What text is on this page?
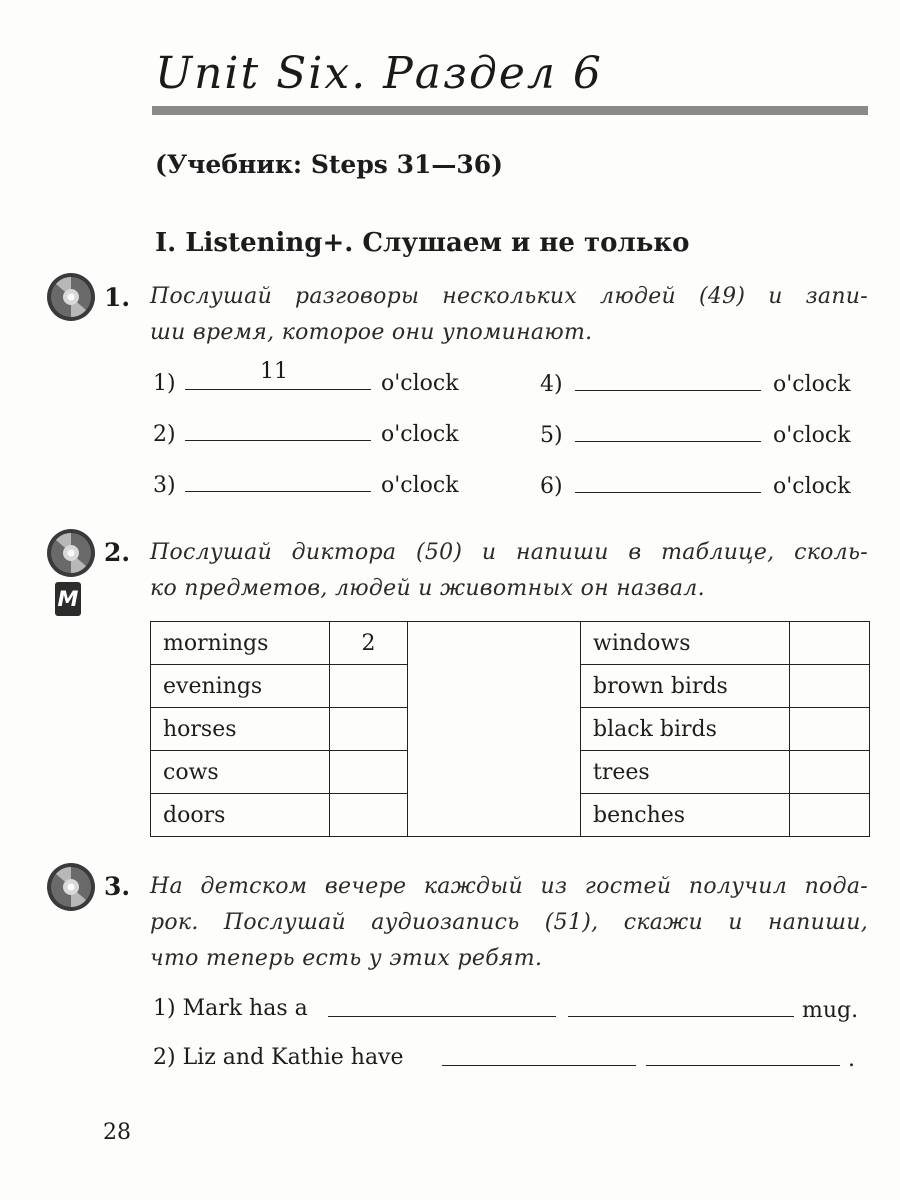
Unit Six. Раздел 6
(Учебник: Steps 31—36)
I. Listening+. Слушаем и не только
1. Послушай разговоры нескольких людей (49) и запи-
ши время, которое они упоминают.
1)	11	o'clock
2)	o'clock
3)	o'clock
4)	o'clock
5)	o'clock
6)	o'clock
M
2. Послушай диктора (50) и напиши в таблице, сколь-
ко предметов, людей и животных он назвал.
mornings	2		windows	
evenings			brown birds	
horses			black birds	
cows			trees	
doors			benches	
3. На детском вечере каждый из гостей получил пода-
рок. Послушай аудиозапись (51), скажи и напиши,
что теперь есть у этих ребят.
1) Mark has a	mug.
2) Liz and Kathie have	.
28
